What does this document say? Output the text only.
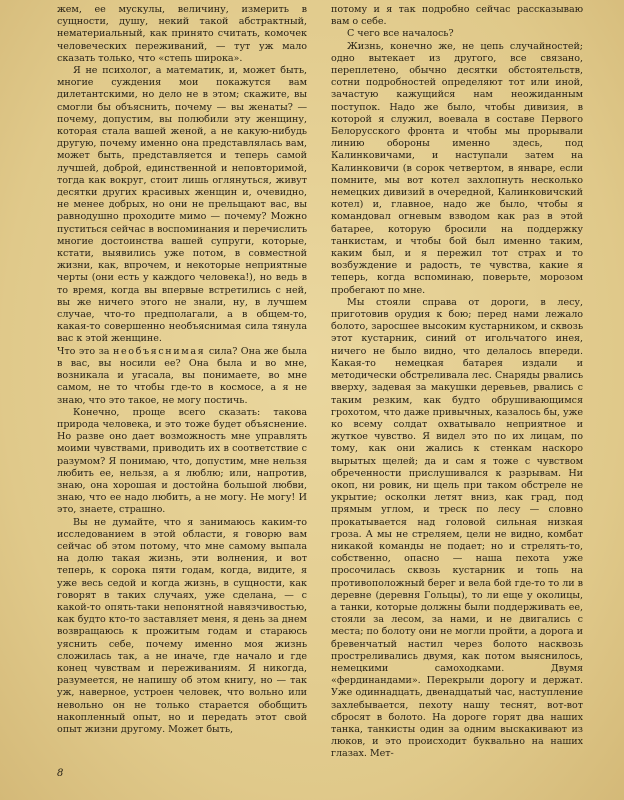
жем, ее мускулы, величину, измерить в сущности, душу, некий такой абстрактный, нематериальный, как принято считать, комочек человеческих переживаний, — тут уж мало сказать только, что «степь широка».

Я не психолог, а математик, и, может быть, многие суждения мои покажутся вам дилетантскими, но дело не в этом; скажите, вы смогли бы объяснить, почему — вы женаты? — почему, допустим, вы полюбили эту женщину, которая стала вашей женой, а не какую-нибудь другую, почему именно она представлялась вам, может быть, представляется и теперь самой лучшей, доброй, единственной и неповторимой, тогда как вокруг, стоит лишь оглянуться, живут десятки других красивых женщин и, очевидно, не менее добрых, но они не прельщают вас, вы равнодушно проходите мимо — почему? Можно пуститься сейчас в воспоминания и перечислить многие достоинства вашей супруги, которые, кстати, выявились уже потом, в совместной жизни, как, впрочем, и некоторые неприятные черты (они есть у каждого человека!), но ведь в то время, когда вы впервые встретились с ней, вы же ничего этого не знали, ну, в лучшем случае, что-то предполагали, а в общем-то, какая-то совершенно необъяснимая сила тянула вас к этой женщине.

Что это за необъяснимая сила? Она же была в вас, вы носили ее? Она была и во мне, возникала и угасала, вы понимаете, во мне самом, не то чтобы где-то в космосе, а я не знаю, что это такое, не могу постичь.

Конечно, проще всего сказать: такова природа человека, и это тоже будет объяснение. Но разве оно дает возможность мне управлять моими чувствами, приводить их в соответствие с разумом? Я понимаю, что, допустим, мне нельзя любить ее, нельзя, а я люблю; или, напротив, знаю, она хорошая и достойна большой любви, знаю, что ее надо любить, а не могу. Не могу! И это, знаете, страшно.

Вы не думайте, что я занимаюсь каким-то исследованием в этой области, я говорю вам сейчас об этом потому, что мне самому выпала на долю такая жизнь, эти волнения, и вот теперь, к сорока пяти годам, когда, видите, я уже весь седой и когда жизнь, в сущности, как говорят в таких случаях, уже сделана, — с какой-то опять-таки непонятной навязчивостью, как будто кто-то заставляет меня, я день за днем возвращаюсь к прожитым годам и стараюсь уяснить себе, почему именно моя жизнь сложилась так, а не иначе, где начало и где конец чувствам и переживаниям. Я никогда, разумеется, не напишу об этом книгу, но — так уж, наверное, устроен человек, что вольно или невольно он не только старается обобщить накопленный опыт, но и передать этот свой опыт жизни другому. Может быть,

потому и я так подробно сейчас рассказываю вам о себе.

С чего все началось?

Жизнь, конечно же, не цепь случайностей; одно вытекает из другого, все связано, переплетено, обычно десятки обстоятельств, сотни подробностей определяют тот или иной, зачастую кажущийся нам неожиданным поступок. Надо же было, чтобы дивизия, в которой я служил, воевала в составе Первого Белорусского фронта и чтобы мы прорывали линию обороны именно здесь, под Калинковичами, и наступали затем на Калинковичи (в сорок четвертом, в январе, если помните, мы вот котел захлопнуть несколько немецких дивизий в очередной, Калинковичский котел) и, главное, надо же было, чтобы я командовал огневым взводом как раз в этой батарее, которую бросили на поддержку танкистам, и чтобы бой был именно таким, каким был, и я пережил тот страх и то возбуждение и радость, те чувства, какие я теперь, когда вспоминаю, поверьте, морозом пробегают по мне.

Мы стояли справа от дороги, в лесу, приготовив орудия к бою; перед нами лежало болото, заросшее высоким кустарником, и сквозь этот кустарник, синий от игольчатого инея, ничего не было видно, что делалось впереди. Какая-то немецкая батарея издали и методически обстреливала лес. Снаряды рвались вверху, задевая за макушки деревьев, рвались с таким резким, как будто обрушивающимся грохотом, что даже привычных, казалось бы, уже ко всему солдат охватывало неприятное и жуткое чувство. Я видел это по их лицам, по тому, как они жались к стенкам наскоро вырытых щелей; да и сам я тоже с чувством обреченности прислушивался к разрывам. Ни окоп, ни ровик, ни щель при таком обстреле не укрытие; осколки летят вниз, как град, под прямым углом, и треск по лесу — словно прокатывается над головой сильная низкая гроза. А мы не стреляем, цели не видно, комбат никакой команды не подает; но и стрелять-то, собственно, опасно — наша пехота уже просочилась сквозь кустарник и топь на противоположный берег и вела бой где-то то ли в деревне (деревня Гольцы), то ли еще у околицы, а танки, которые должны были поддерживать ее, стояли за лесом, за нами, и не двигались с места; по болоту они не могли пройти, а дорога и бревенчатый настил через болото насквозь простреливались двумя, как потом выяснилось, немецкими самоходками. Двумя «фердинандами». Перекрыли дорогу и держат. Уже одиннадцать, двенадцатый час, наступление захлебывается, пехоту нашу теснят, вот-вот сбросят в болото. На дороге горят два наших танка, танкисты один за одним выскакивают из люков, и это происходит буквально на наших глазах. Мет-

8
